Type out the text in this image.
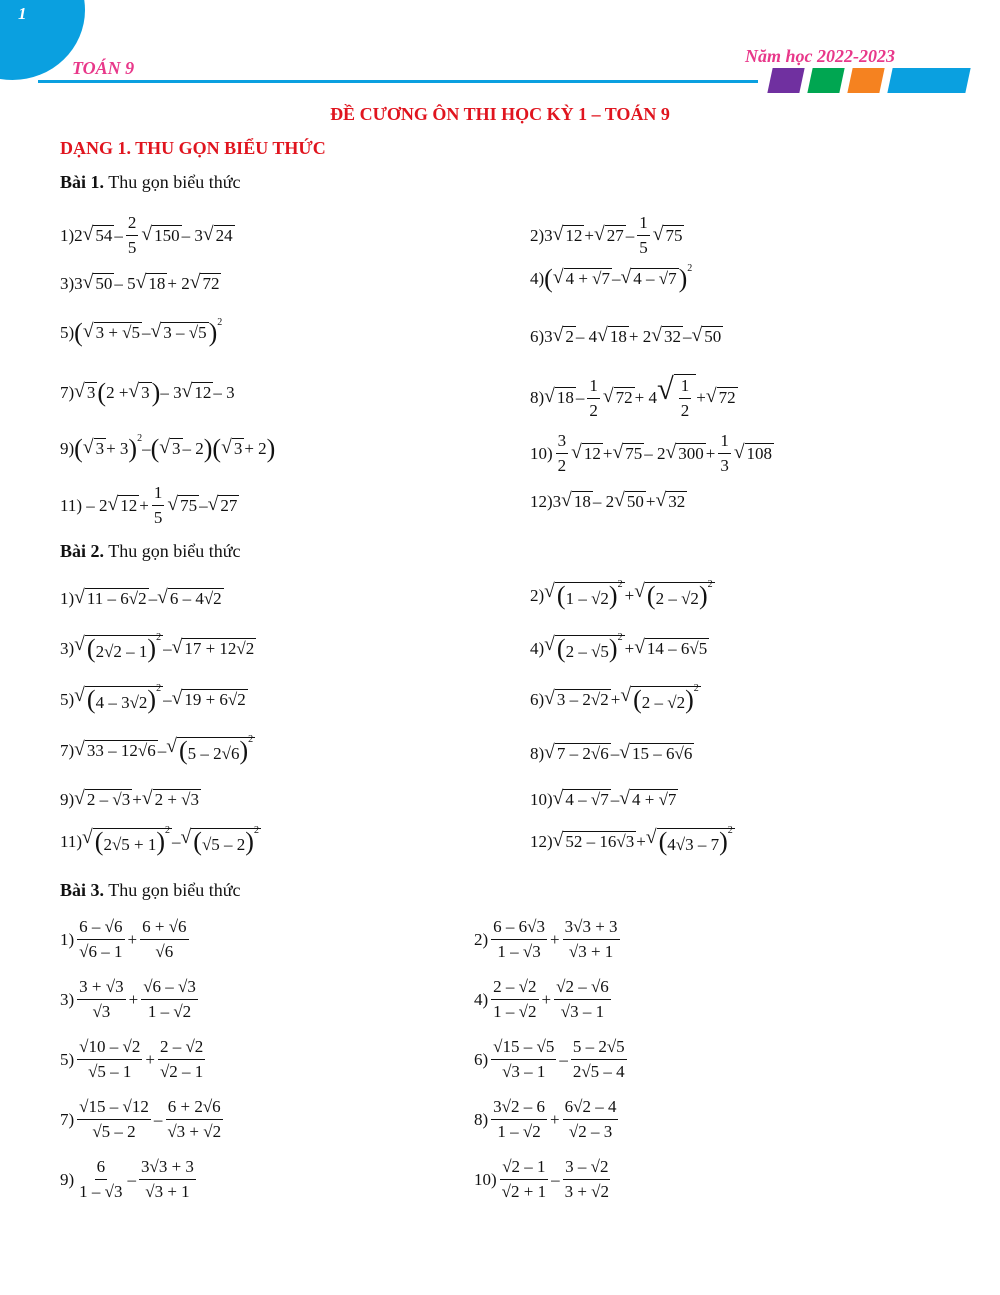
1
TOÁN 9
Năm học 2022-2023
ĐỀ CƯƠNG ÔN THI HỌC KỲ 1 – TOÁN 9
DẠNG 1. THU GỌN BIỂU THỨC
Bài 1. Thu gọn biểu thức
1)2 √ $54 - \frac{2}{5}$ √ 150 – 3 √ 24	2)3 √ 12 + √ $27 - \frac{1}{5}$ √ 75
3)3 √ 50 – 5 √ 18 + 2 √ 72	4) ( √ 4 + √7 – √ 4 – √7 ) 2
5) ( √ 3 + √5 – √ 3 – √5 ) 2
6)3 √ 2 – 4 √ 18 + 2 √ 32 – √ 50
7) √ 3 ( 2 + √ 3 ) – 3 √ 12 – 3	8) √ $18 - \frac{1}{2}$ √ 72 + 4 √ $\frac{1}{2}$ + √ 72
9) ( √ 3 + 3 ) 2
– ( √ 3 – 2 ) ( √ 3 + 2 )	$10) \frac{3}{2}$ √ 12 + √ 75 – 2 √ $300 + \frac{1}{3}$ √ 108
11) – 2 √ $12 + \frac{1}{5}$ √ 75 – √ 27	12)3 √ 18 – 2 √ 50 + √ 32
Bài 2. Thu gọn biểu thức
1) √ 11 – 6√2 – √ 6 – 4√2	2) √ (1 – √2)$^2$
+ √ (2 – √2)$^2$
3) √ (2√2 – 1)$^2$
– √ 17 + 12√2	4) √ (2 – √5)$^2$
+ √ 14 – 6√5
5) √ (4 – 3√2)$^2$
– √ 19 + 6√2	6) √ 3 – 2√2 + √ (2 – √2)$^2$
7) √ 33 – 12√6 – √ (5 – 2√6)$^2$
8) √ 7 – 2√6 – √ 15 – 6√6
9) √ 2 – √3 + √ 2 + √3	10) √ 4 – √7 – √ 4 + √7
11) √ $(2√5 + 1)^2$
– √ (√5 – 2)$^2$
12) √ 52 – 16√3 + √ (4√3 – 7)$^2$
Bài 3. Thu gọn biểu thức
$1) \frac{6 - √6}{√6 - 1} + \frac{6 + √6}{√6}$	$2) \frac{6 - 6√3}{1 - √3} + \frac{3√3 + 3}{√3 + 1}$
$3) \frac{3 + √3}{√3} + \frac{√6 - √3}{1 - √2}$	$4) \frac{2 - √2}{1 - √2} + \frac{√2 - √6}{√3 - 1}$
$5) \frac{√10 - √2}{√5 - 1} + \frac{2 - √2}{√2 - 1}$	$6) \frac{√15 - √5}{√3 - 1} - \frac{5 - 2√5}{2√5 - 4}$
$7) \frac{√15 - √12}{√5 - 2} - \frac{6 + 2√6}{√3 + √2}$	$8) \frac{3√2 - 6}{1 - √2} + \frac{6√2 - 4}{√2 - 3}$
$9) \frac{6}{1 - √3} - \frac{3√3 + 3}{√3 + 1}$	$10) \frac{√2 - 1}{√2 + 1} - \frac{3 - √2}{3 + √2}$
